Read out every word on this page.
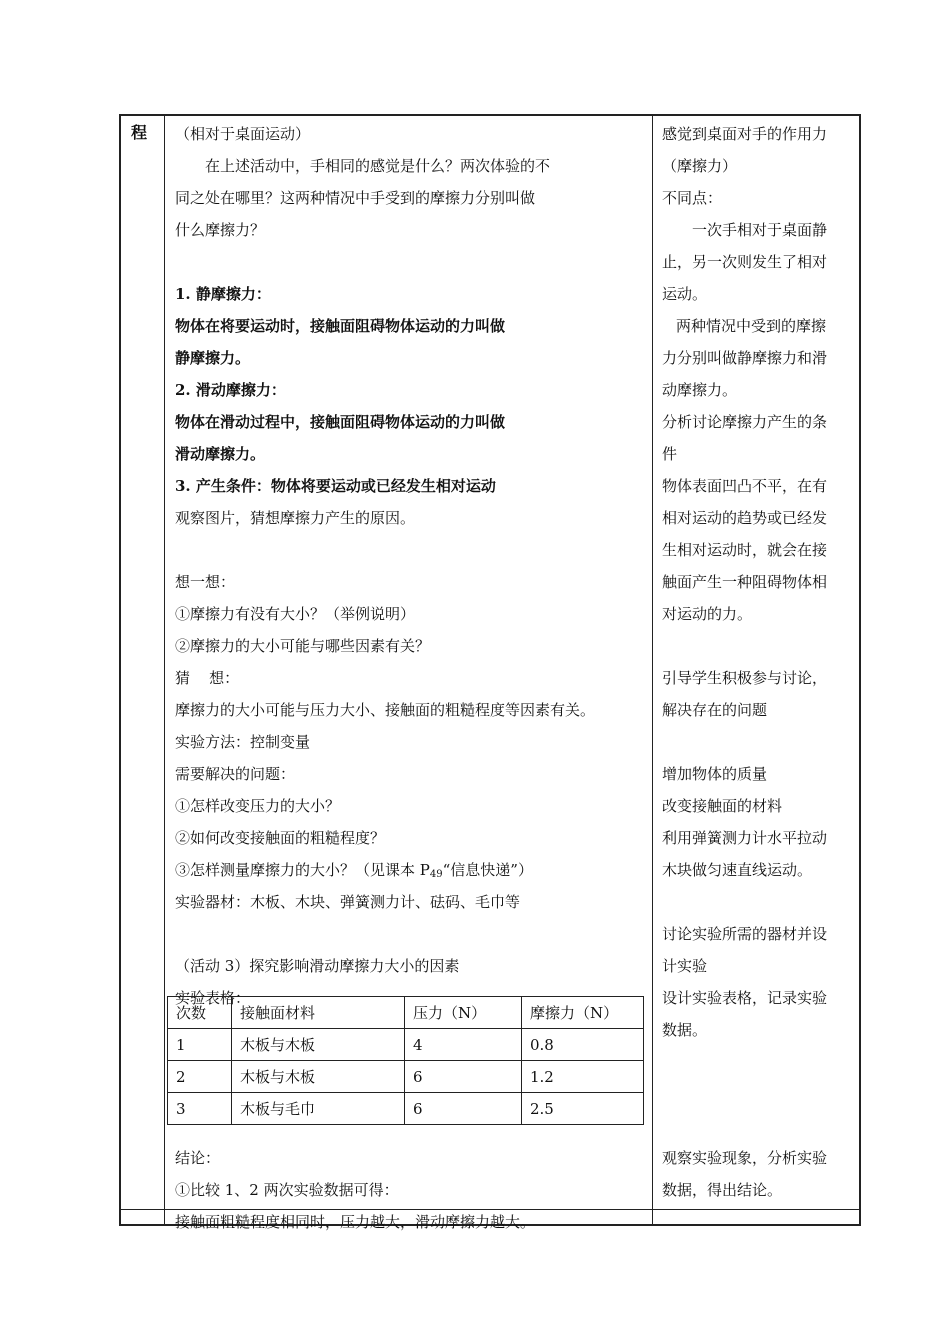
程 （相对于桌面运动）
在上述活动中，手相同的感觉是什么？两次体验的不
同之处在哪里？这两种情况中手受到的摩擦力分别叫做
什么摩擦力？
1. 静摩擦力：
物体在将要运动时，接触面阻碍物体运动的力叫做
静摩擦力。
2. 滑动摩擦力：
物体在滑动过程中，接触面阻碍物体运动的力叫做
滑动摩擦力。
3. 产生条件：物体将要运动或已经发生相对运动
观察图片，猜想摩擦力产生的原因。
想一想：
①摩擦力有没有大小？（举例说明）
②摩擦力的大小可能与哪些因素有关？
猜    想：
摩擦力的大小可能与压力大小、接触面的粗糙程度等因素有关。
实验方法：控制变量
需要解决的问题：
①怎样改变压力的大小？
②如何改变接触面的粗糙程度？
③怎样测量摩擦力的大小？（见课本 $P_{49}“$信息快递”）
实验器材：木板、木块、弹簧测力计、砝码、毛巾等
（活动 3）探究影响滑动摩擦力大小的因素
实验表格：
结论：
①比较 1、2 两次实验数据可得：
接触面粗糙程度相同时，压力越大，滑动摩擦力越大。
次数	接触面材料	压力（N）	摩擦力（N）
1	木板与木板	4	0.8
2	木板与木板	6	1.2
3	木板与毛巾	6	2.5
感觉到桌面对手的作用力
（摩擦力）
不同点：
一次手相对于桌面静
止，另一次则发生了相对
运动。
两种情况中受到的摩擦
力分别叫做静摩擦力和滑
动摩擦力。
分析讨论摩擦力产生的条
件
物体表面凹凸不平，在有
相对运动的趋势或已经发
生相对运动时，就会在接
触面产生一种阻碍物体相
对运动的力。
引导学生积极参与讨论，
解决存在的问题
增加物体的质量
改变接触面的材料
利用弹簧测力计水平拉动
木块做匀速直线运动。
讨论实验所需的器材并设
计实验
设计实验表格，记录实验
数据。
观察实验现象，分析实验
数据，得出结论。
